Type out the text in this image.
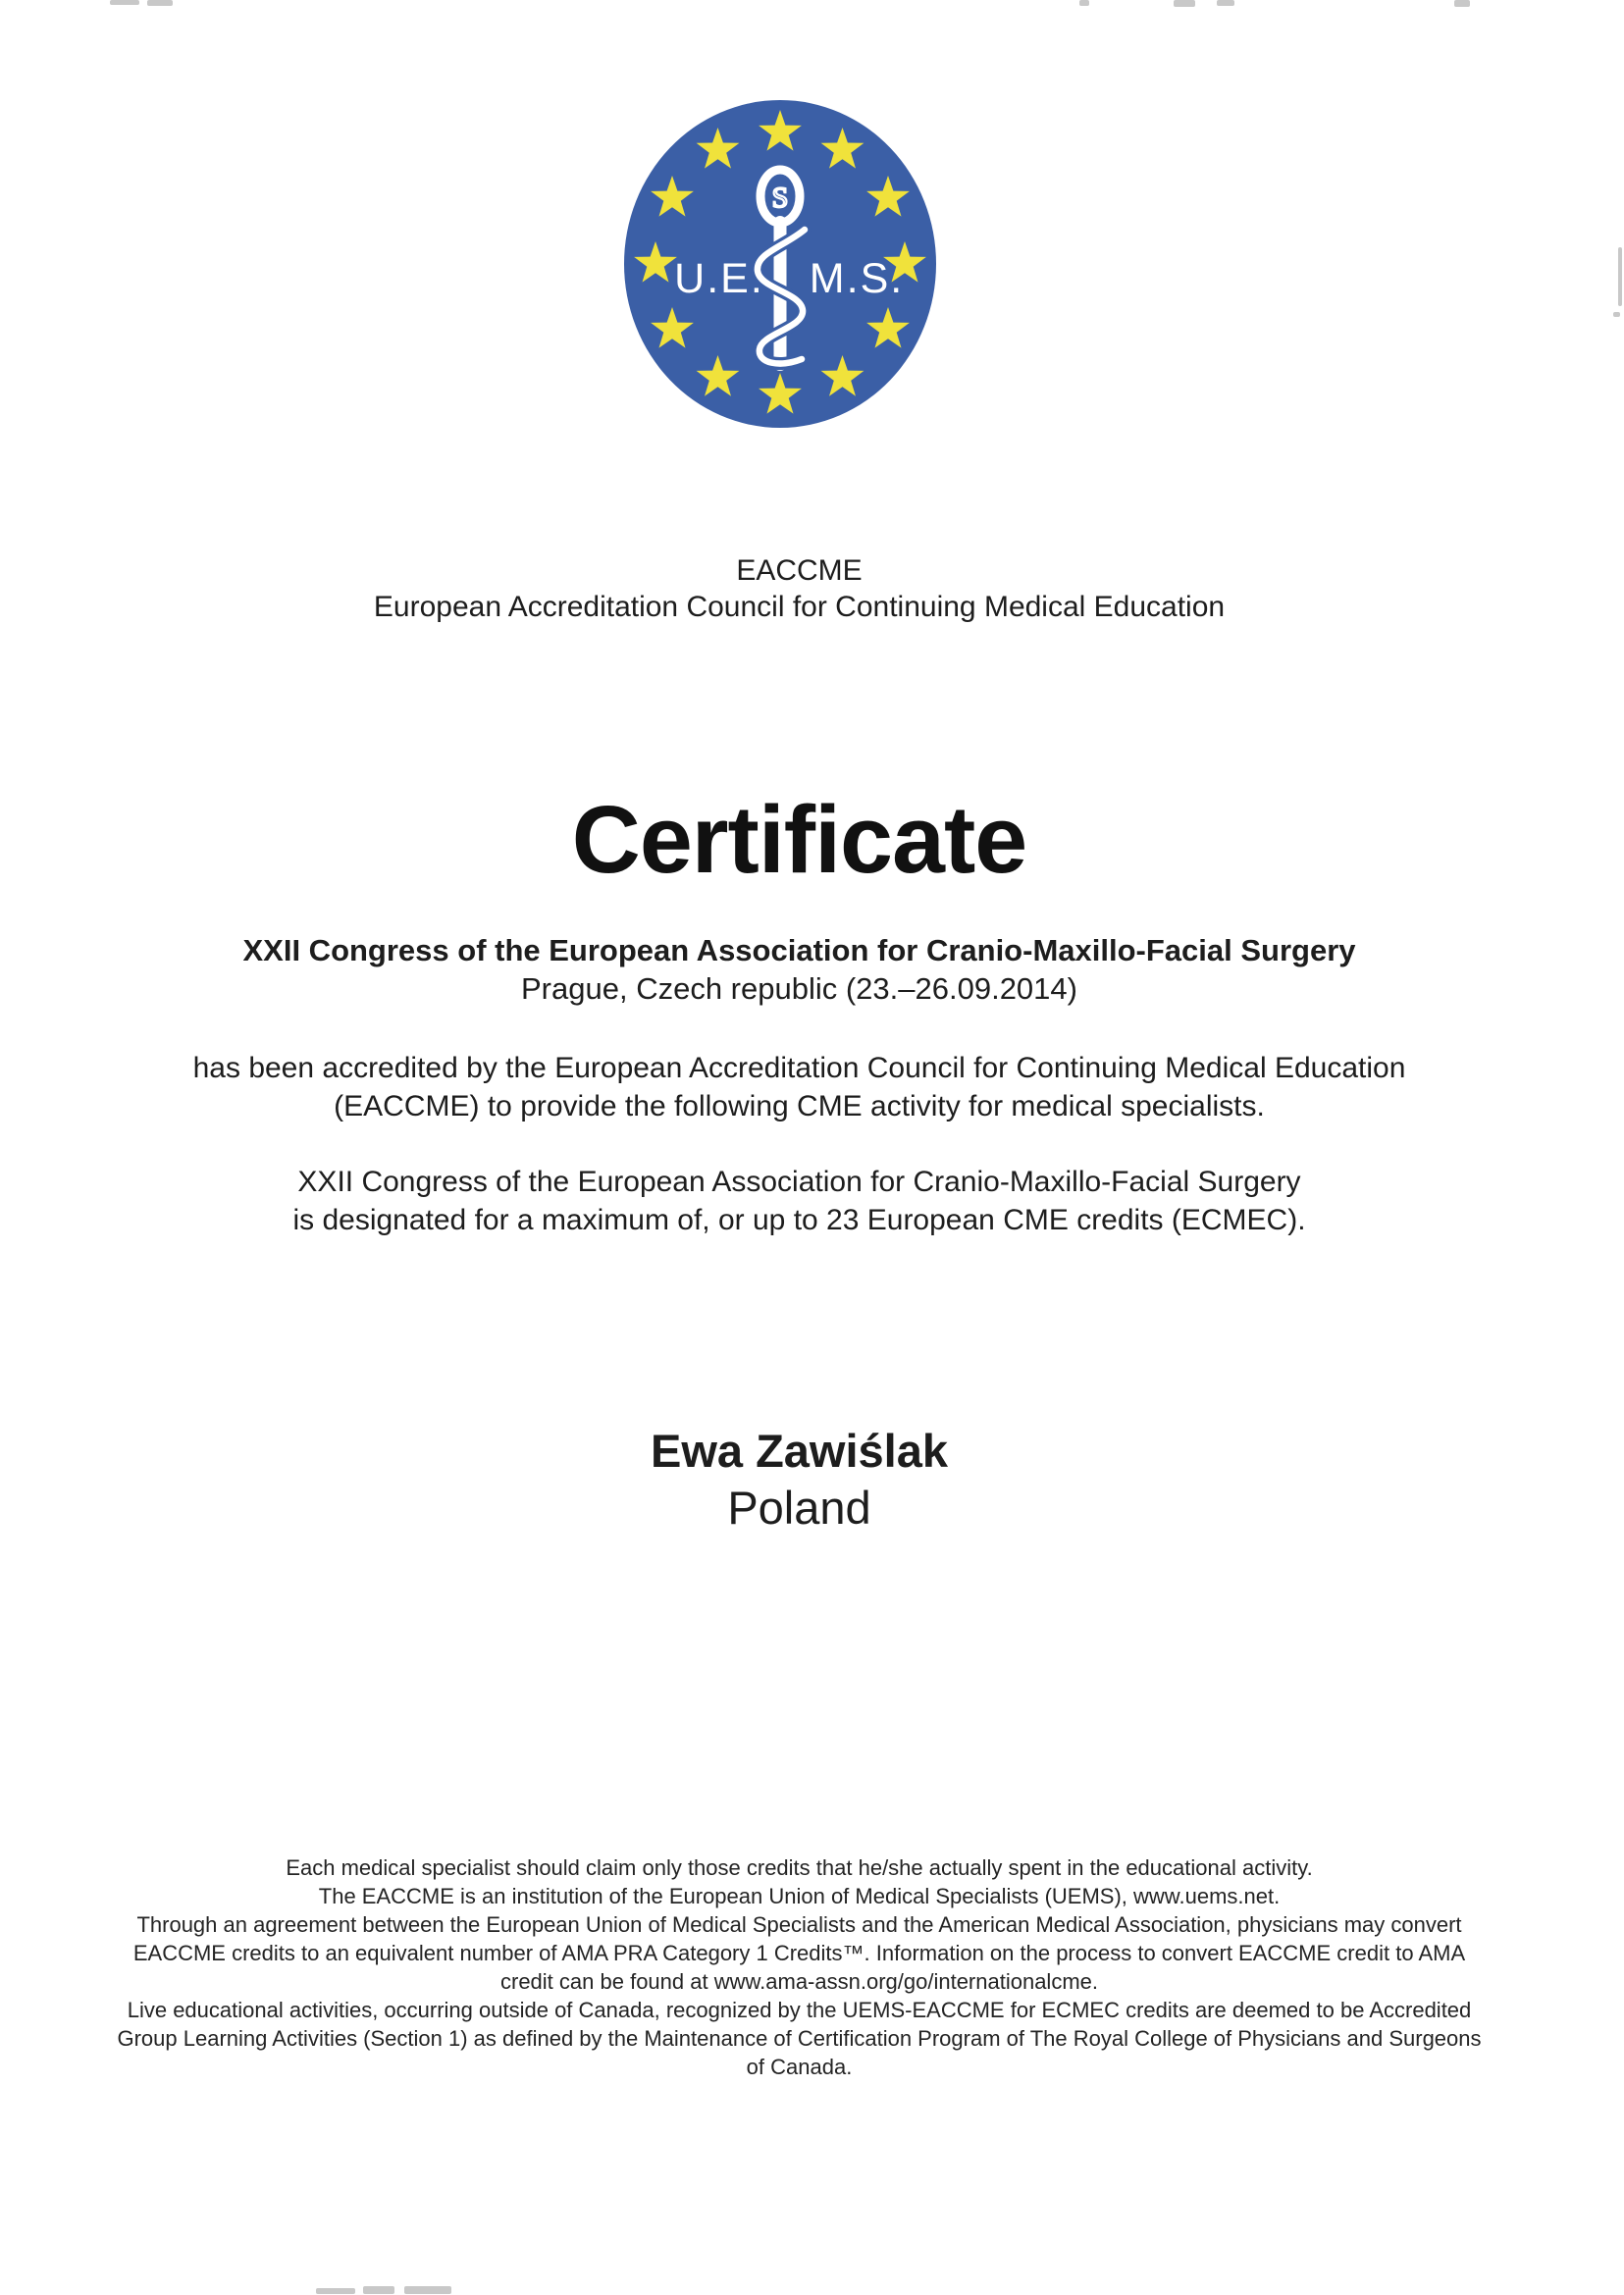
U.E. M.S.
S
EACCME
European Accreditation Council for Continuing Medical Education
Certificate
XXII Congress of the European Association for Cranio-Maxillo-Facial Surgery
Prague, Czech republic (23.–26.09.2014)
has been accredited by the European Accreditation Council for Continuing Medical Education
(EACCME) to provide the following CME activity for medical specialists.
XXII Congress of the European Association for Cranio-Maxillo-Facial Surgery
is designated for a maximum of, or up to 23 European CME credits (ECMEC).
Ewa Zawiślak
Poland
Each medical specialist should claim only those credits that he/she actually spent in the educational activity.
The EACCME is an institution of the European Union of Medical Specialists (UEMS), www.uems.net.
Through an agreement between the European Union of Medical Specialists and the American Medical Association, physicians may convert
EACCME credits to an equivalent number of AMA PRA Category 1 Credits™. Information on the process to convert EACCME credit to AMA
credit can be found at www.ama-assn.org/go/internationalcme.
Live educational activities, occurring outside of Canada, recognized by the UEMS-EACCME for ECMEC credits are deemed to be Accredited
Group Learning Activities (Section 1) as defined by the Maintenance of Certification Program of The Royal College of Physicians and Surgeons
of Canada.
